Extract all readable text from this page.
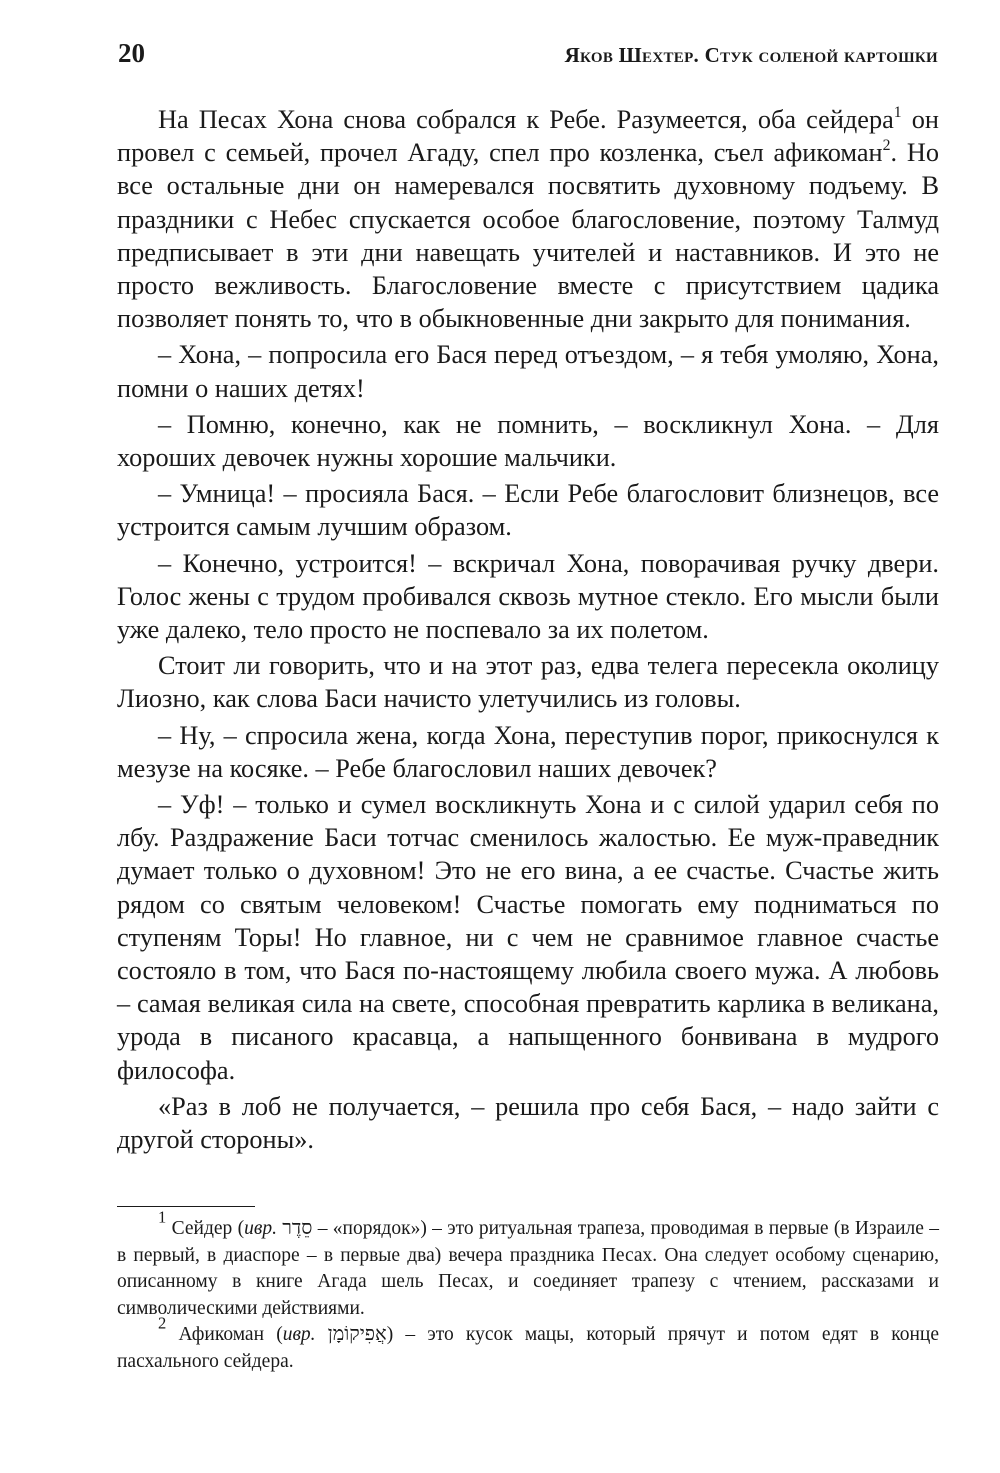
20	Яков Шехтер. Стук соленой картошки

На Песах Хона снова собрался к Ребе. Разумеется, оба сейдера$^1$ он провел с семьей, прочел Агаду, спел про козленка, съел афикоман$^2$. Но все остальные дни он намеревался посвятить духовному подъему. В праздники с Небес спускается особое благословение, поэтому Талмуд предписывает в эти дни навещать учителей и наставников. И это не просто вежливость. Благословение вместе с присутствием цадика позволяет понять то, что в обыкновенные дни закрыто для понимания.

– Хона, – попросила его Бася перед отъездом, – я тебя умоляю, Хона, помни о наших детях!

– Помню, конечно, как не помнить, – воскликнул Хона. – Для хороших девочек нужны хорошие мальчики.

– Умница! – просияла Бася. – Если Ребе благословит близнецов, все устроится самым лучшим образом.

– Конечно, устроится! – вскричал Хона, поворачивая ручку двери. Голос жены с трудом пробивался сквозь мутное стекло. Его мысли были уже далеко, тело просто не поспевало за их полетом.

Стоит ли говорить, что и на этот раз, едва телега пересекла околицу Лиозно, как слова Баси начисто улетучились из головы.

– Ну, – спросила жена, когда Хона, переступив порог, прикоснулся к мезузе на косяке. – Ребе благословил наших девочек?

– Уф! – только и сумел воскликнуть Хона и с силой ударил себя по лбу. Раздражение Баси тотчас сменилось жалостью. Ее муж-праведник думает только о духовном! Это не его вина, а ее счастье. Счастье жить рядом со святым человеком! Счастье помогать ему подниматься по ступеням Торы! Но главное, ни с чем не сравнимое главное счастье состояло в том, что Бася по-настоящему любила своего мужа. А любовь – самая великая сила на свете, способная превратить карлика в великана, урода в писаного красавца, а напыщенного бонвивана в мудрого философа.

«Раз в лоб не получается, – решила про себя Бася, – надо зайти с другой стороны».

$^1$ Сейдер (ивр. סֵדֶר – «порядок») – это ритуальная трапеза, проводимая в первые (в Израиле – в первый, в диаспоре – в первые два) вечера праздника Песах. Она следует особому сценарию, описанному в книге Агада шель Песах, и соединяет трапезу с чтением, рассказами и символическими действиями.

$^2$ Афикоман (ивр. אֲפִיקוֹמָן) – это кусок мацы, который прячут и потом едят в конце пасхального сейдера.
